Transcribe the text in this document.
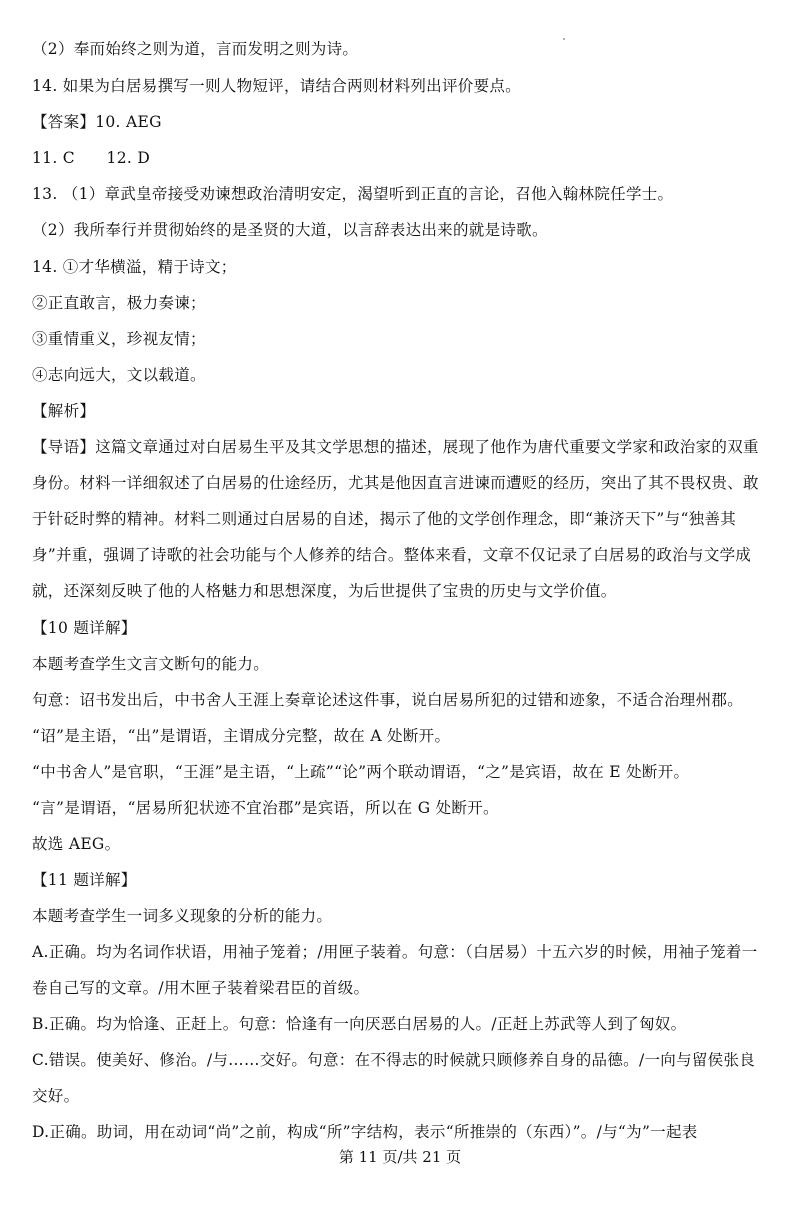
（2）奉而始终之则为道，言而发明之则为诗。
14. 如果为白居易撰写一则人物短评，请结合两则材料列出评价要点。
【答案】10. AEG
11. C　　12. D
13. （1）章武皇帝接受劝谏想政治清明安定，渴望听到正直的言论，召他入翰林院任学士。
（2）我所奉行并贯彻始终的是圣贤的大道，以言辞表达出来的就是诗歌。
14. ①才华横溢，精于诗文；
②正直敢言，极力奏谏；
③重情重义，珍视友情；
④志向远大，文以载道。
【解析】
【导语】这篇文章通过对白居易生平及其文学思想的描述，展现了他作为唐代重要文学家和政治家的双重
身份。材料一详细叙述了白居易的仕途经历，尤其是他因直言进谏而遭贬的经历，突出了其不畏权贵、敢
于针砭时弊的精神。材料二则通过白居易的自述，揭示了他的文学创作理念，即“兼济天下”与“独善其
身”并重，强调了诗歌的社会功能与个人修养的结合。整体来看，文章不仅记录了白居易的政治与文学成
就，还深刻反映了他的人格魅力和思想深度，为后世提供了宝贵的历史与文学价值。
【10 题详解】
本题考查学生文言文断句的能力。
句意：诏书发出后，中书舍人王涯上奏章论述这件事，说白居易所犯的过错和迹象，不适合治理州郡。
“诏”是主语，“出”是谓语，主谓成分完整，故在 A 处断开。
“中书舍人”是官职，“王涯”是主语，“上疏”“论”两个联动谓语，“之”是宾语，故在 E 处断开。
“言”是谓语，“居易所犯状迹不宜治郡”是宾语，所以在 G 处断开。
故选 AEG。
【11 题详解】
本题考查学生一词多义现象的分析的能力。
A.正确。均为名词作状语，用袖子笼着；/用匣子装着。句意：（白居易）十五六岁的时候，用袖子笼着一
卷自己写的文章。/用木匣子装着梁君臣的首级。
B.正确。均为恰逢、正赶上。句意：恰逢有一向厌恶白居易的人。/正赶上苏武等人到了匈奴。
C.错误。使美好、修治。/与……交好。句意：在不得志的时候就只顾修养自身的品德。/一向与留侯张良
交好。
D.正确。助词，用在动词“尚”之前，构成“所”字结构，表示“所推崇的（东西）”。/与“为”一起表
第 11 页/共 21 页
